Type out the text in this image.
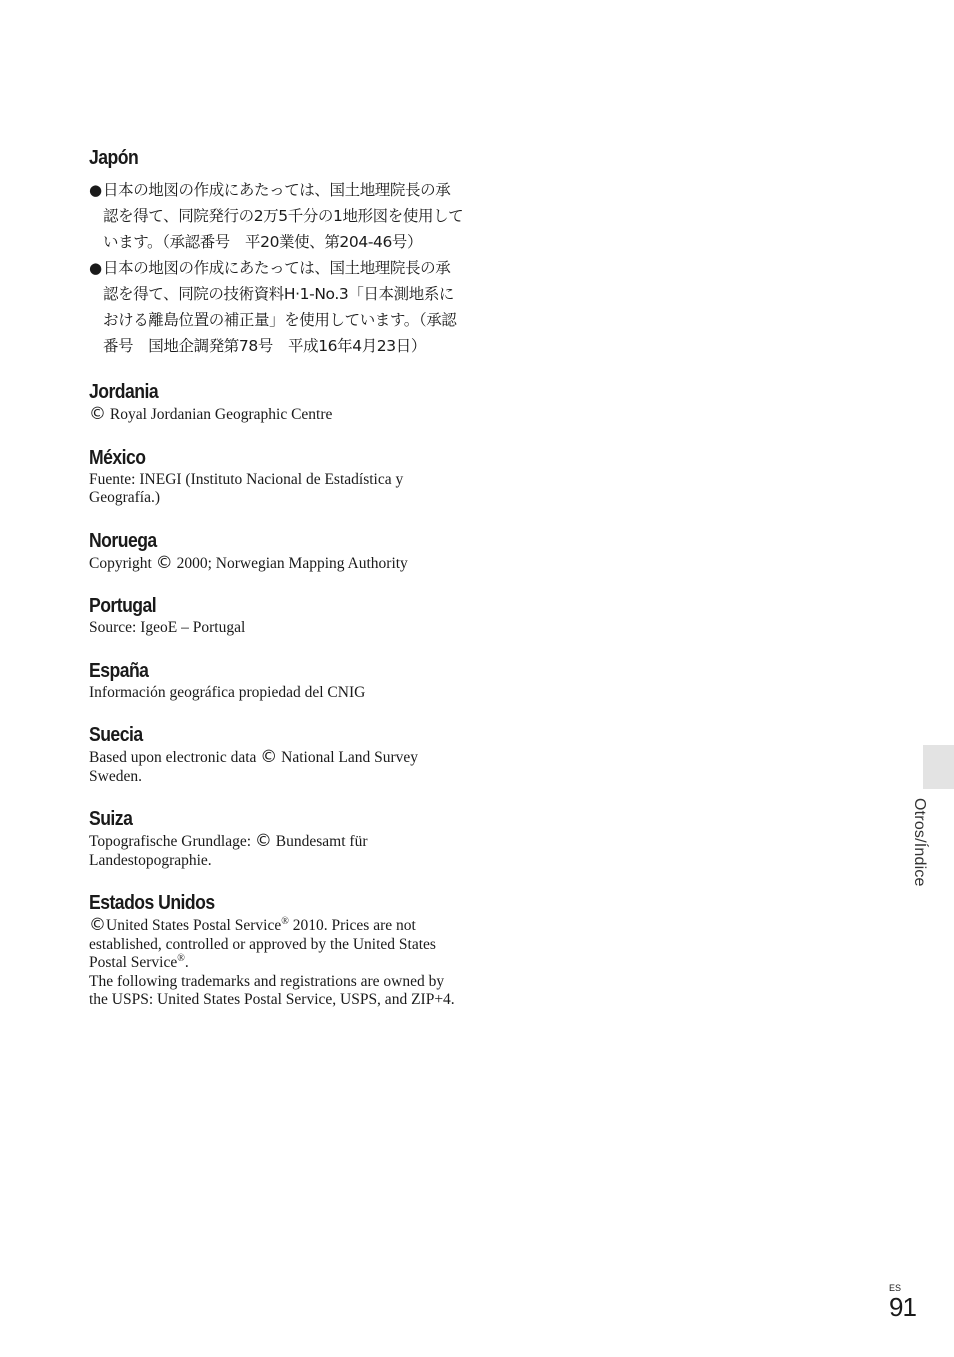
Japón
● 日本の地図の作成にあたっては、国土地理院長の承認を得て、同院発行の2万5千分の1地形図を使用しています。（承認番号　平20業使、第204-46号）
● 日本の地図の作成にあたっては、国土地理院長の承認を得て、同院の技術資料H·1-No.3「日本測地系における離島位置の補正量」を使用しています。（承認番号　国地企調発第78号　平成16年4月23日）
Jordania

© Royal Jordanian Geographic Centre

México

Fuente: INEGI (Instituto Nacional de Estadística y Geografía.)

Noruega

Copyright © 2000; Norwegian Mapping Authority

Portugal

Source: IgeoE – Portugal

España

Información geográfica propiedad del CNIG

Suecia

Based upon electronic data © National Land Survey Sweden.

Suiza

Topografische Grundlage: © Bundesamt für Landestopographie.

Estados Unidos

©United States Postal Service® 2010. Prices are not established, controlled or approved by the United States Postal Service®.

The following trademarks and registrations are owned by the USPS: United States Postal Service, USPS, and ZIP+4.

Otros/Índice
ES
91
